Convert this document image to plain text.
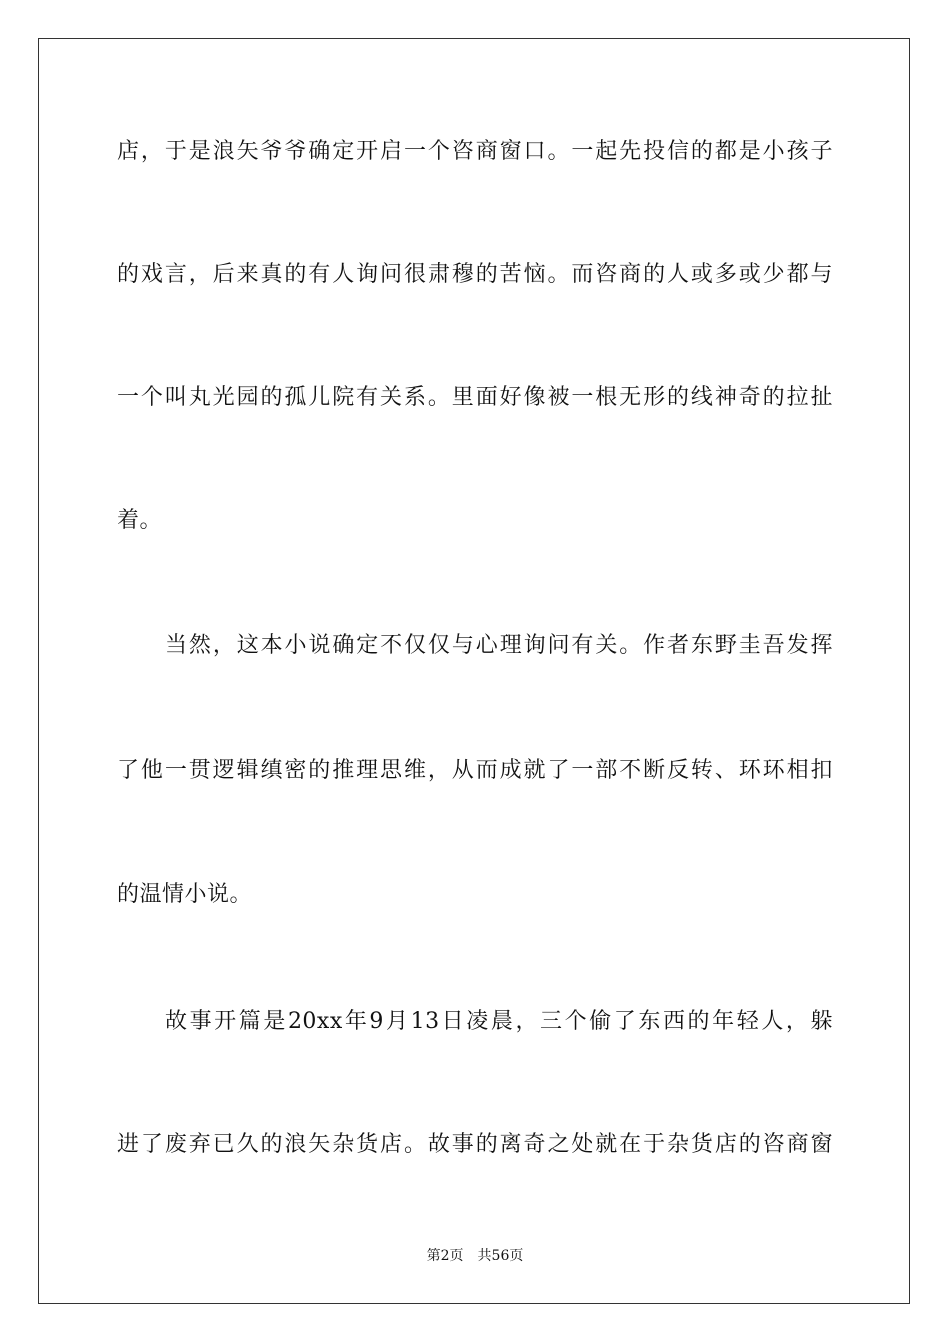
店，于是浪矢爷爷确定开启一个咨商窗口。一起先投信的都是小孩子
的戏言，后来真的有人询问很肃穆的苦恼。而咨商的人或多或少都与
一个叫丸光园的孤儿院有关系。里面好像被一根无形的线神奇的拉扯
着。
当然，这本小说确定不仅仅与心理询问有关。作者东野圭吾发挥
了他一贯逻辑缜密的推理思维，从而成就了一部不断反转、环环相扣
的温情小说。
故事开篇是20xx年9月13日凌晨，三个偷了东西的年轻人，躲
进了废弃已久的浪矢杂货店。故事的离奇之处就在于杂货店的咨商窗
第2页 共56页
